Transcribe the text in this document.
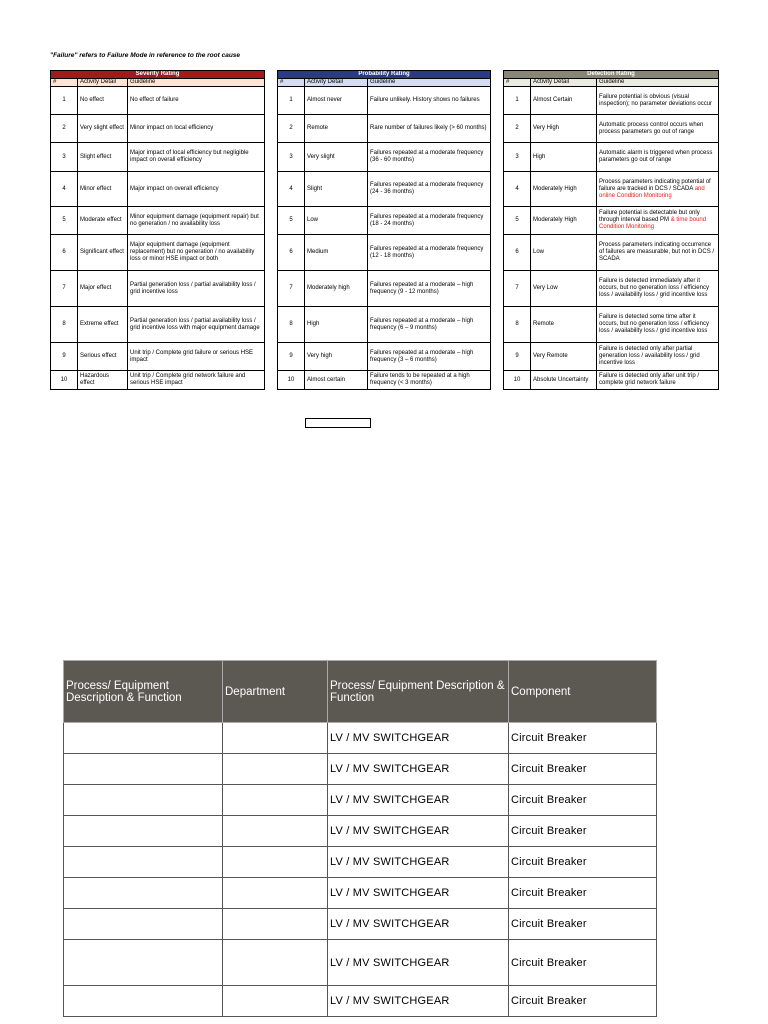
"Failure" refers to Failure Mode in reference to the root cause
Severity Rating		
#	Activity Detail	Guideline
1	No effect	No effect of failure
2	Very slight effect	Minor impact on local efficiency
3	Slight effect	Major impact of local efficiency but negligible impact on overall efficiency
4	Minor effect	Major impact on overall efficiency
5	Moderate effect	Minor equipment damage (equipment repair) but no generation / no availability loss
6	Significant effect	Major equipment damage (equipment replacement) but no generation / no availability loss or minor HSE impact or both
7	Major effect	Partial generation loss / partial availability loss / grid incentive loss
8	Extreme effect	Partial generation loss / partial availability loss / grid incentive loss with major equipment damage
9	Serious effect	Unit trip / Complete grid failure or serious HSE impact
10	Hazardous effect	Unit trip / Complete grid network failure and serious HSE impact
Probability Rating		
#	Activity Detail	Guideline
1	Almost never	Failure unlikely. History shows no failures
2	Remote	Rare number of failures likely (> 60 months)
3	Very slight	Failures repeated at a moderate frequency (36 - 60 months)
4	Slight	Failures repeated at a moderate frequency (24 - 36 months)
5	Low	Failures repeated at a moderate frequency (18 - 24 months)
6	Medium	Failures repeated at a moderate frequency (12 - 18 months)
7	Moderately high	Failures repeated at a moderate – high frequency (9 - 12 months)
8	High	Failures repeated at a moderate – high frequency (6 – 9 months)
9	Very high	Failures repeated at a moderate – high frequency (3 – 6 months)
10	Almost certain	Failure tends to be repeated at a high frequency (< 3 months)
Detection Rating		
#	Activity Detail	Guideline
1	Almost Certain	Failure potential is obvious (visual inspection); no parameter deviations occur
2	Very High	Automatic process control occurs when process parameters go out of range
3	High	Automatic alarm is triggered when process parameters go out of range
4	Moderately High	Process parameters indicating potential of failure are tracked in DCS / SCADA and online Condition Monitoring
5	Moderately High	Failure potential is detectable but only through interval based PM & time bound Condition Monitoring
6	Low	Process parameters indicating occurrence of failures are measurable, but not in DCS / SCADA
7	Very Low	Failure is detected immediately after it occurs, but no generation loss / efficiency loss / availability loss / grid incentive loss
8	Remote	Failure is detected some time after it occurs, but no generation loss / efficiency loss / availability loss / grid incentive loss
9	Very Remote	Failure is detected only after partial generation loss / availability loss / grid incentive loss
10	Absolute Uncertainty	Failure is detected only after unit trip / complete grid network failure
Process/ Equipment Description & Function	Department	Process/ Equipment Description & Function	Component
		LV / MV SWITCHGEAR	Circuit Breaker
		LV / MV SWITCHGEAR	Circuit Breaker
		LV / MV SWITCHGEAR	Circuit Breaker
		LV / MV SWITCHGEAR	Circuit Breaker
		LV / MV SWITCHGEAR	Circuit Breaker
		LV / MV SWITCHGEAR	Circuit Breaker
		LV / MV SWITCHGEAR	Circuit Breaker
		LV / MV SWITCHGEAR	Circuit Breaker
		LV / MV SWITCHGEAR	Circuit Breaker
